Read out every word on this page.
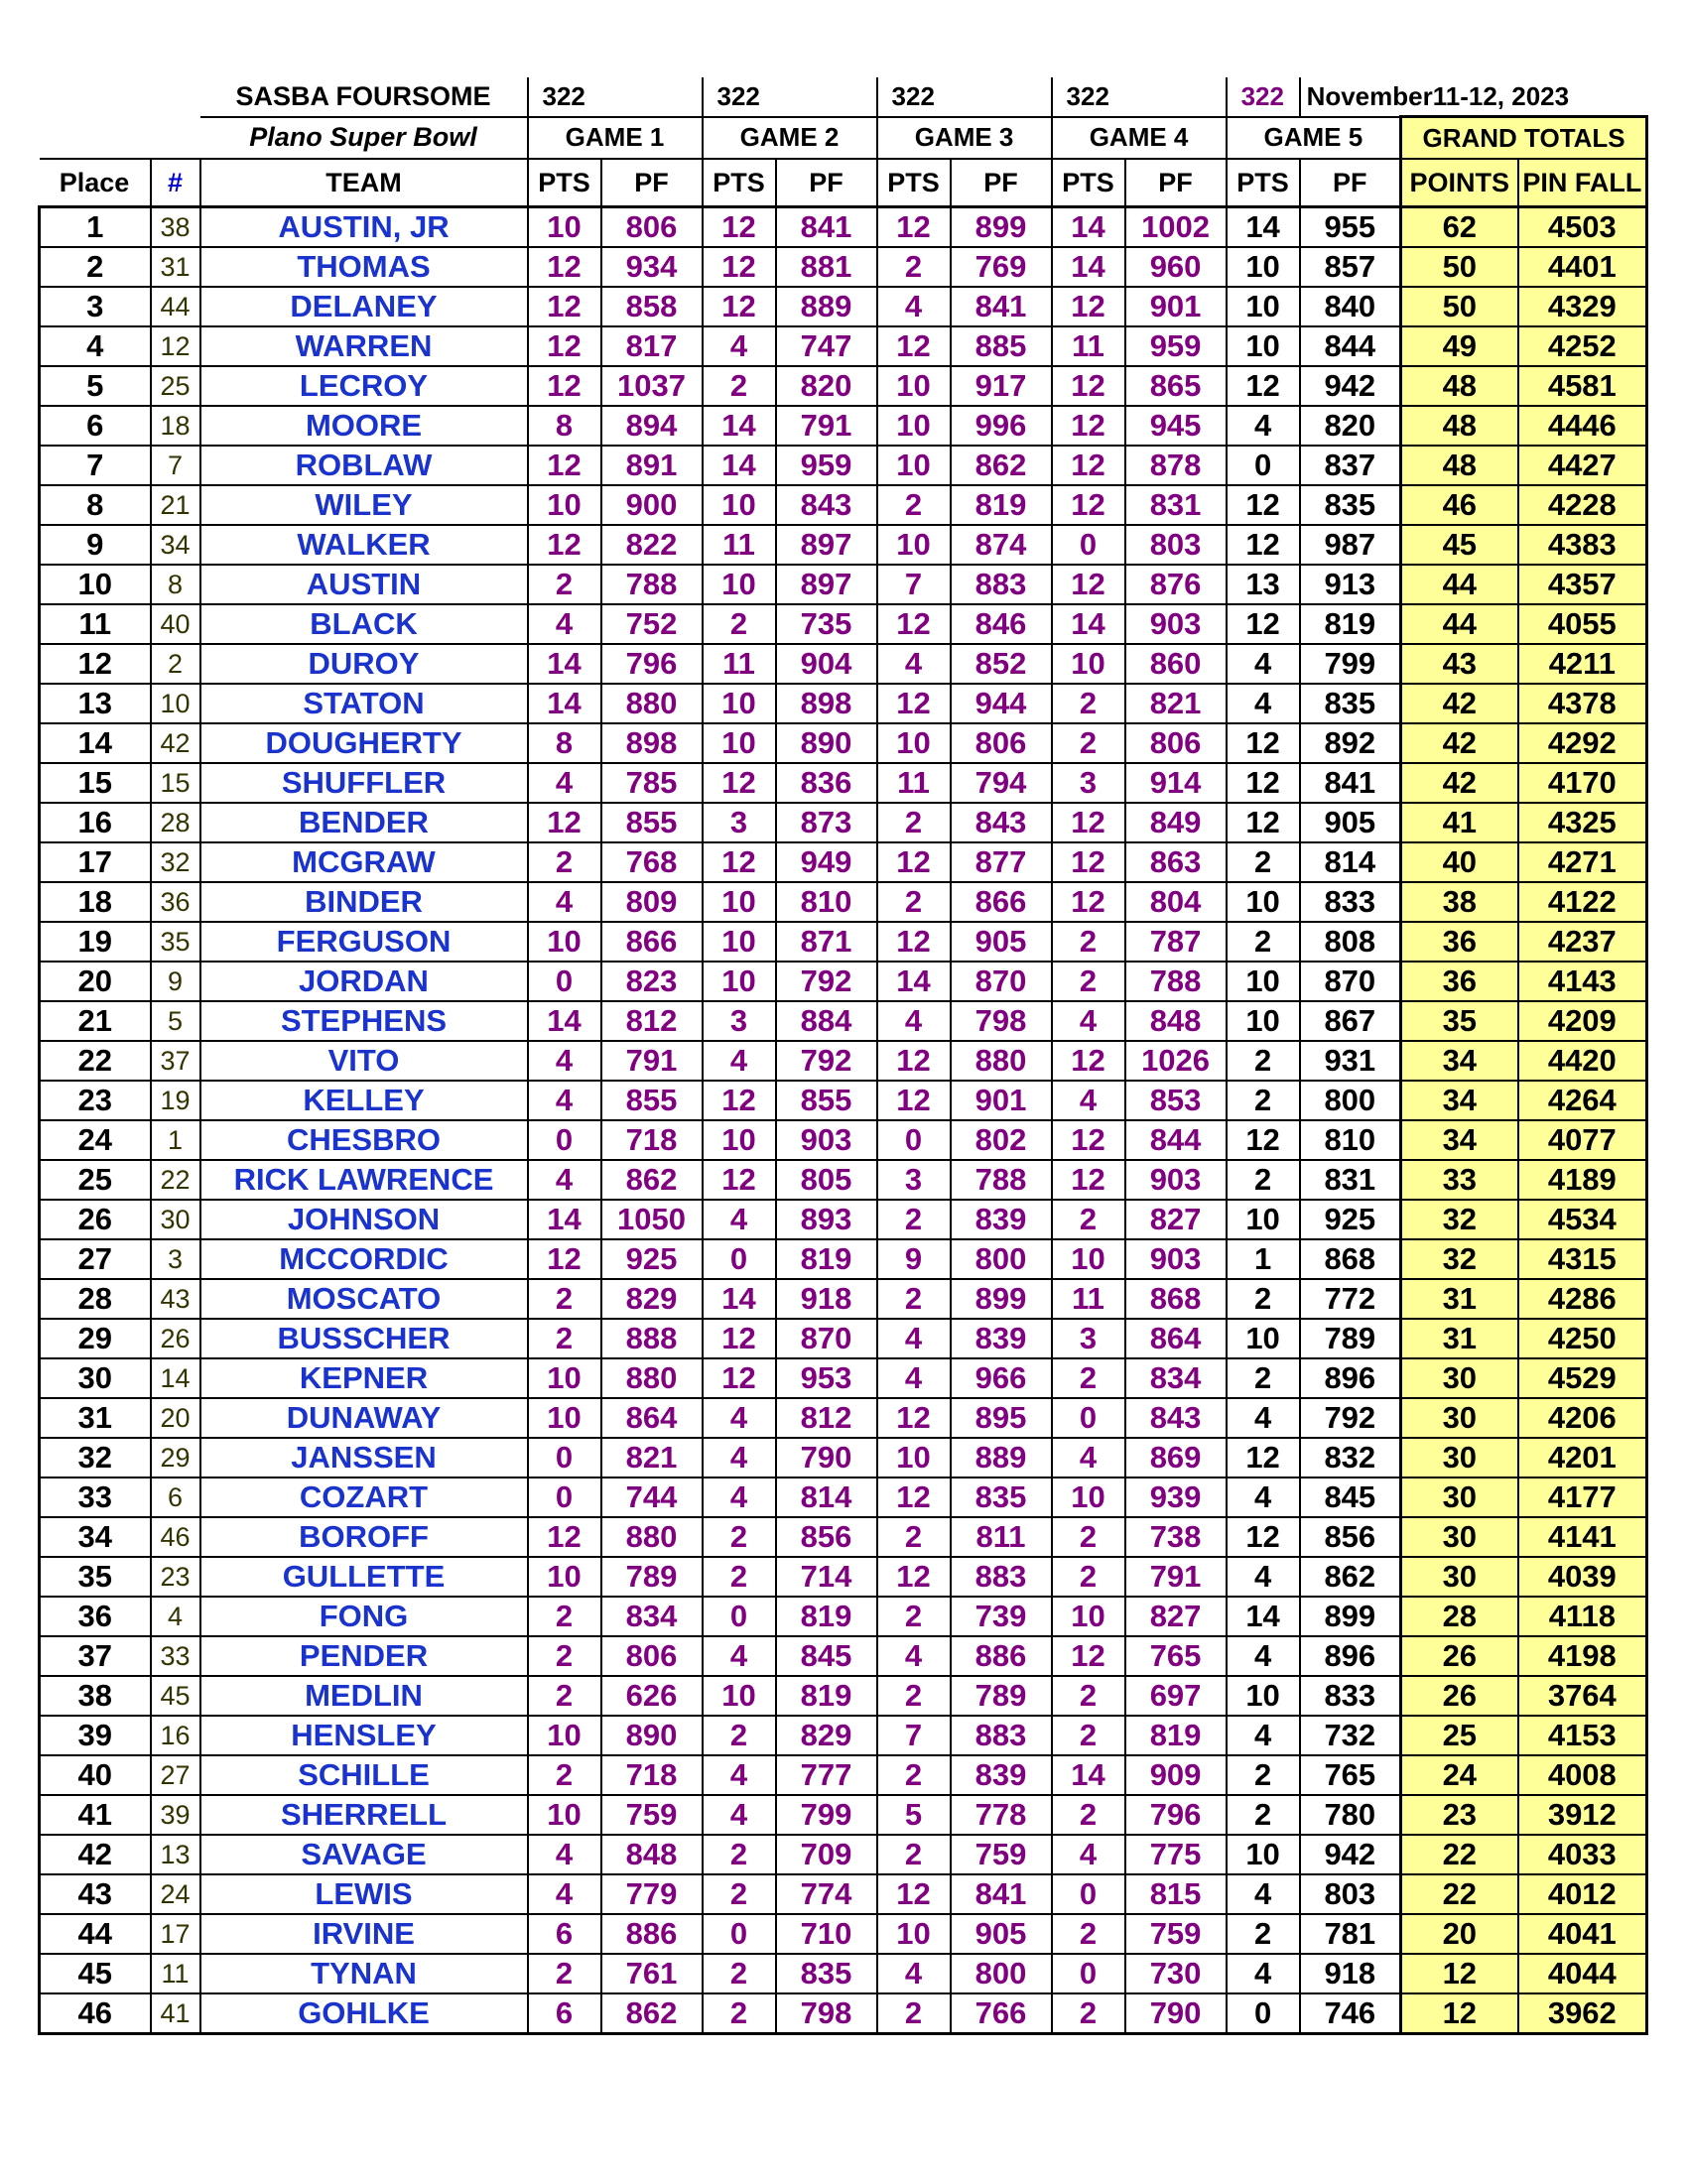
		SASBA FOURSOME	322		322		322		322		322	November11-12, 2023		
		Plano Super Bowl	GAME 1		GAME 2		GAME 3		GAME 4		GAME 5		GRAND TOTALS	
Place	#	TEAM	PTS	PF	PTS	PF	PTS	PF	PTS	PF	PTS	PF	POINTS	PIN FALL
1	38	AUSTIN, JR	10	806	12	841	12	899	14	1002	14	955	62	4503
2	31	THOMAS	12	934	12	881	2	769	14	960	10	857	50	4401
3	44	DELANEY	12	858	12	889	4	841	12	901	10	840	50	4329
4	12	WARREN	12	817	4	747	12	885	11	959	10	844	49	4252
5	25	LECROY	12	1037	2	820	10	917	12	865	12	942	48	4581
6	18	MOORE	8	894	14	791	10	996	12	945	4	820	48	4446
7	7	ROBLAW	12	891	14	959	10	862	12	878	0	837	48	4427
8	21	WILEY	10	900	10	843	2	819	12	831	12	835	46	4228
9	34	WALKER	12	822	11	897	10	874	0	803	12	987	45	4383
10	8	AUSTIN	2	788	10	897	7	883	12	876	13	913	44	4357
11	40	BLACK	4	752	2	735	12	846	14	903	12	819	44	4055
12	2	DUROY	14	796	11	904	4	852	10	860	4	799	43	4211
13	10	STATON	14	880	10	898	12	944	2	821	4	835	42	4378
14	42	DOUGHERTY	8	898	10	890	10	806	2	806	12	892	42	4292
15	15	SHUFFLER	4	785	12	836	11	794	3	914	12	841	42	4170
16	28	BENDER	12	855	3	873	2	843	12	849	12	905	41	4325
17	32	MCGRAW	2	768	12	949	12	877	12	863	2	814	40	4271
18	36	BINDER	4	809	10	810	2	866	12	804	10	833	38	4122
19	35	FERGUSON	10	866	10	871	12	905	2	787	2	808	36	4237
20	9	JORDAN	0	823	10	792	14	870	2	788	10	870	36	4143
21	5	STEPHENS	14	812	3	884	4	798	4	848	10	867	35	4209
22	37	VITO	4	791	4	792	12	880	12	1026	2	931	34	4420
23	19	KELLEY	4	855	12	855	12	901	4	853	2	800	34	4264
24	1	CHESBRO	0	718	10	903	0	802	12	844	12	810	34	4077
25	22	RICK LAWRENCE	4	862	12	805	3	788	12	903	2	831	33	4189
26	30	JOHNSON	14	1050	4	893	2	839	2	827	10	925	32	4534
27	3	MCCORDIC	12	925	0	819	9	800	10	903	1	868	32	4315
28	43	MOSCATO	2	829	14	918	2	899	11	868	2	772	31	4286
29	26	BUSSCHER	2	888	12	870	4	839	3	864	10	789	31	4250
30	14	KEPNER	10	880	12	953	4	966	2	834	2	896	30	4529
31	20	DUNAWAY	10	864	4	812	12	895	0	843	4	792	30	4206
32	29	JANSSEN	0	821	4	790	10	889	4	869	12	832	30	4201
33	6	COZART	0	744	4	814	12	835	10	939	4	845	30	4177
34	46	BOROFF	12	880	2	856	2	811	2	738	12	856	30	4141
35	23	GULLETTE	10	789	2	714	12	883	2	791	4	862	30	4039
36	4	FONG	2	834	0	819	2	739	10	827	14	899	28	4118
37	33	PENDER	2	806	4	845	4	886	12	765	4	896	26	4198
38	45	MEDLIN	2	626	10	819	2	789	2	697	10	833	26	3764
39	16	HENSLEY	10	890	2	829	7	883	2	819	4	732	25	4153
40	27	SCHILLE	2	718	4	777	2	839	14	909	2	765	24	4008
41	39	SHERRELL	10	759	4	799	5	778	2	796	2	780	23	3912
42	13	SAVAGE	4	848	2	709	2	759	4	775	10	942	22	4033
43	24	LEWIS	4	779	2	774	12	841	0	815	4	803	22	4012
44	17	IRVINE	6	886	0	710	10	905	2	759	2	781	20	4041
45	11	TYNAN	2	761	2	835	4	800	0	730	4	918	12	4044
46	41	GOHLKE	6	862	2	798	2	766	2	790	0	746	12	3962
